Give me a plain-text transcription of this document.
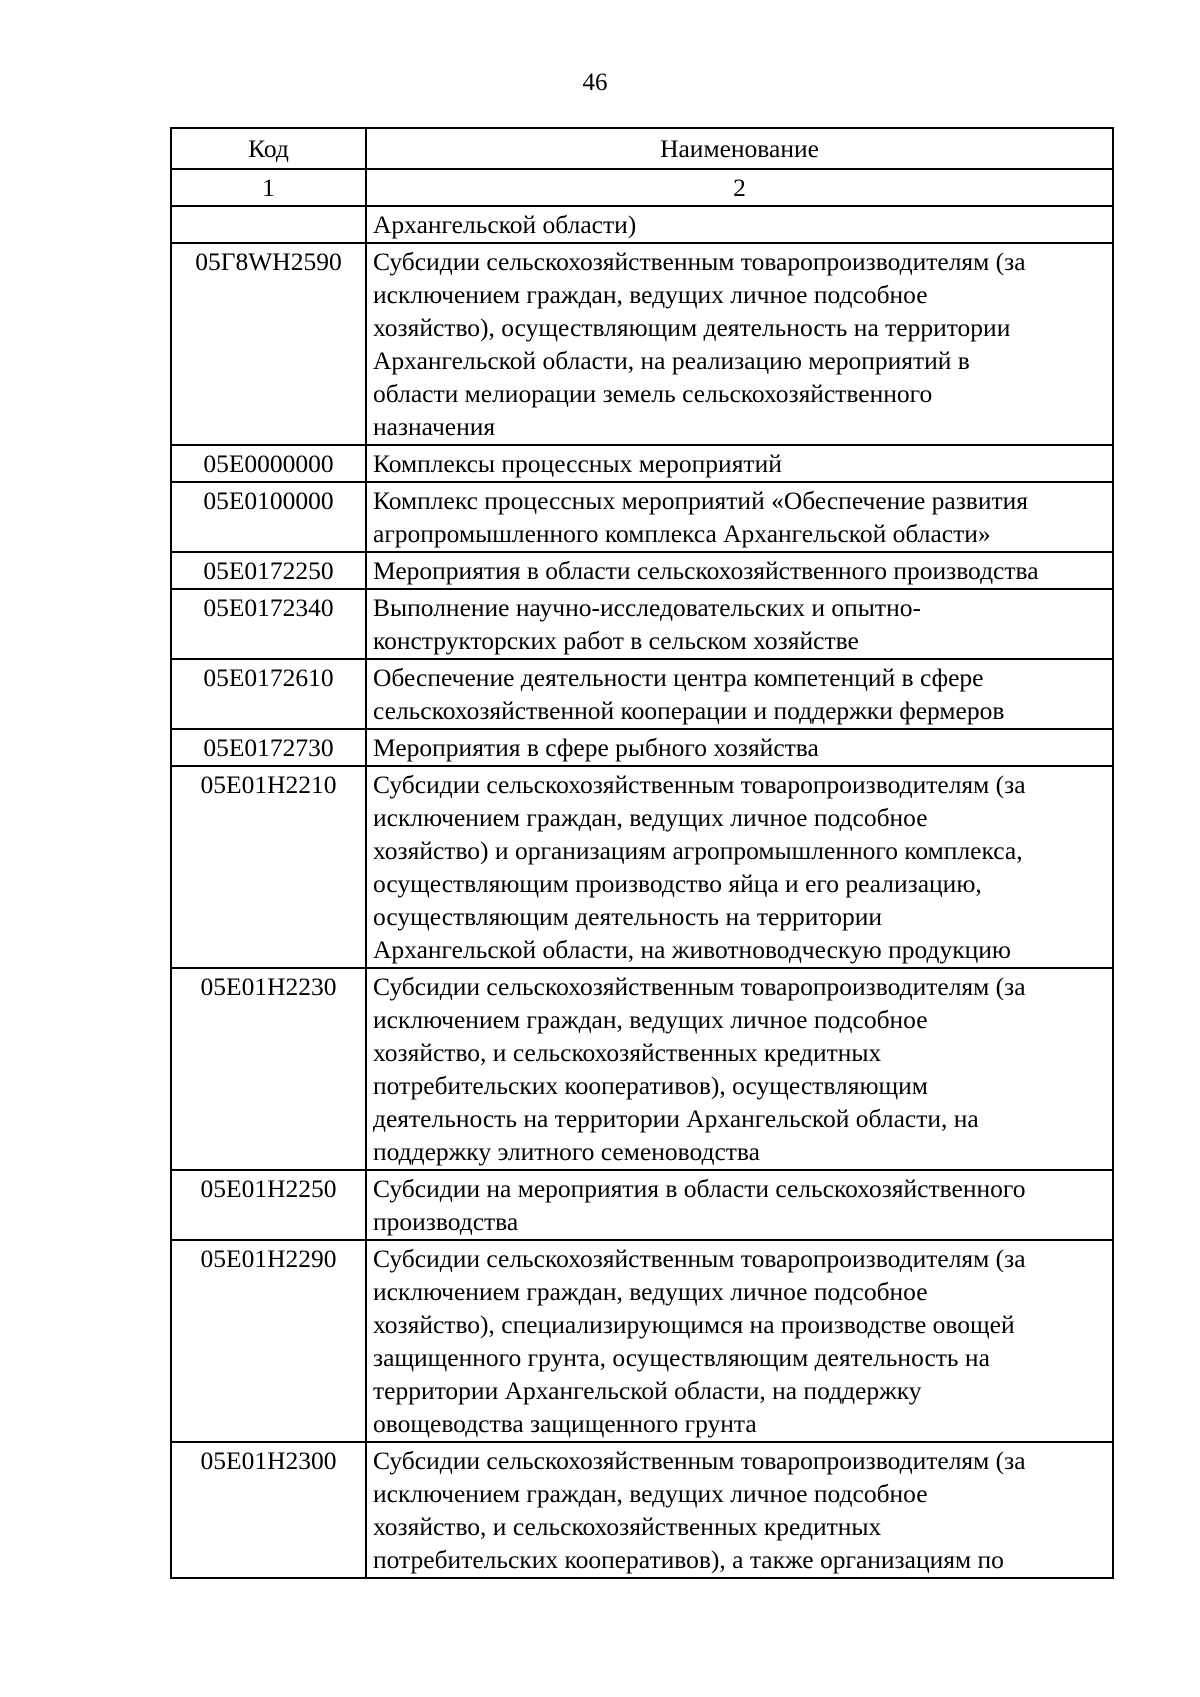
46
Код	Наименование
1	2
	Архангельской области)
05Г8WH2590	Субсидии сельскохозяйственным товаропроизводителям (за
исключением граждан, ведущих личное подсобное
хозяйство), осуществляющим деятельность на территории
Архангельской области, на реализацию мероприятий в
области мелиорации земель сельскохозяйственного
назначения
05Е0000000	Комплексы процессных мероприятий
05Е0100000	Комплекс процессных мероприятий «Обеспечение развития
агропромышленного комплекса Архангельской области»
05Е0172250	Мероприятия в области сельскохозяйственного производства
05Е0172340	Выполнение научно-исследовательских и опытно-
конструкторских работ в сельском хозяйстве
05Е0172610	Обеспечение деятельности центра компетенций в сфере
сельскохозяйственной кооперации и поддержки фермеров
05Е0172730	Мероприятия в сфере рыбного хозяйства
05Е01Н2210	Субсидии сельскохозяйственным товаропроизводителям (за
исключением граждан, ведущих личное подсобное
хозяйство) и организациям агропромышленного комплекса,
осуществляющим производство яйца и его реализацию,
осуществляющим деятельность на территории
Архангельской области, на животноводческую продукцию
05Е01Н2230	Субсидии сельскохозяйственным товаропроизводителям (за
исключением граждан, ведущих личное подсобное
хозяйство, и сельскохозяйственных кредитных
потребительских кооперативов), осуществляющим
деятельность на территории Архангельской области, на
поддержку элитного семеноводства
05Е01Н2250	Субсидии на мероприятия в области сельскохозяйственного
производства
05Е01Н2290	Субсидии сельскохозяйственным товаропроизводителям (за
исключением граждан, ведущих личное подсобное
хозяйство), специализирующимся на производстве овощей
защищенного грунта, осуществляющим деятельность на
территории Архангельской области, на поддержку
овощеводства защищенного грунта
05Е01Н2300	Субсидии сельскохозяйственным товаропроизводителям (за
исключением граждан, ведущих личное подсобное
хозяйство, и сельскохозяйственных кредитных
потребительских кооперативов), а также организациям по
